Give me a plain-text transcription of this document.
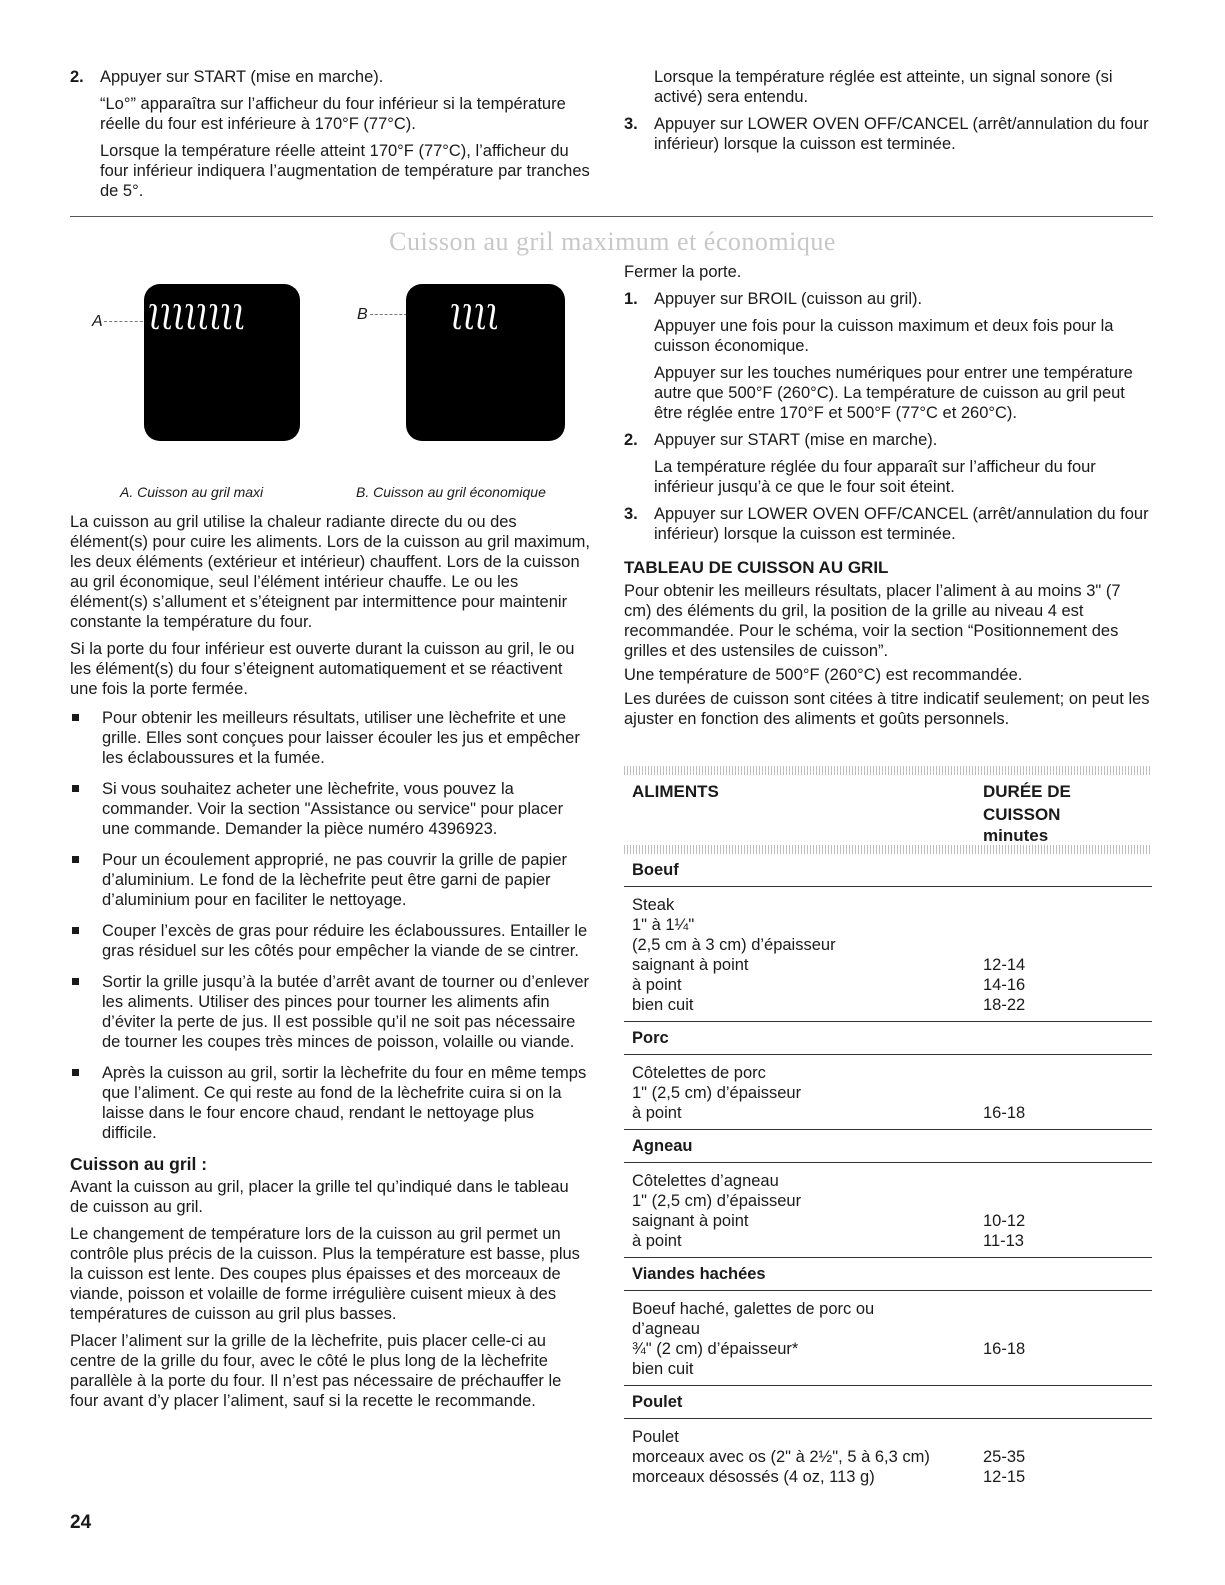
2. Appuyer sur START (mise en marche).

“Lo°” apparaîtra sur l’afficheur du four inférieur si la température réelle du four est inférieure à 170°F (77°C).

Lorsque la température réelle atteint 170°F (77°C), l’afficheur du four inférieur indiquera l’augmentation de température par tranches de 5°.

Lorsque la température réglée est atteinte, un signal sonore (si activé) sera entendu.

3. Appuyer sur LOWER OVEN OFF/CANCEL (arrêt/annulation du four inférieur) lorsque la cuisson est terminée.

Cuisson au gril maximum et économique
A ʅʅʅʅʅʅʅʅ	B ʅʅʅʅ
A. Cuisson au gril maxi	B. Cuisson au gril économique

La cuisson au gril utilise la chaleur radiante directe du ou des élément(s) pour cuire les aliments. Lors de la cuisson au gril maximum, les deux éléments (extérieur et intérieur) chauffent. Lors de la cuisson au gril économique, seul l’élément intérieur chauffe. Le ou les élément(s) s’allument et s’éteignent par intermittence pour maintenir constante la température du four.

Si la porte du four inférieur est ouverte durant la cuisson au gril, le ou les élément(s) du four s’éteignent automatiquement et se réactivent une fois la porte fermée.

Pour obtenir les meilleurs résultats, utiliser une lèchefrite et une grille. Elles sont conçues pour laisser écouler les jus et empêcher les éclaboussures et la fumée.
Si vous souhaitez acheter une lèchefrite, vous pouvez la commander. Voir la section "Assistance ou service" pour placer une commande. Demander la pièce numéro 4396923.
Pour un écoulement approprié, ne pas couvrir la grille de papier d’aluminium. Le fond de la lèchefrite peut être garni de papier d’aluminium pour en faciliter le nettoyage.
Couper l’excès de gras pour réduire les éclaboussures. Entailler le gras résiduel sur les côtés pour empêcher la viande de se cintrer.
Sortir la grille jusqu’à la butée d’arrêt avant de tourner ou d’enlever les aliments. Utiliser des pinces pour tourner les aliments afin d’éviter la perte de jus. Il est possible qu’il ne soit pas nécessaire de tourner les coupes très minces de poisson, volaille ou viande.
Après la cuisson au gril, sortir la lèchefrite du four en même temps que l’aliment. Ce qui reste au fond de la lèchefrite cuira si on la laisse dans le four encore chaud, rendant le nettoyage plus difficile.
Cuisson au gril :

Avant la cuisson au gril, placer la grille tel qu’indiqué dans le tableau de cuisson au gril.

Le changement de température lors de la cuisson au gril permet un contrôle plus précis de la cuisson. Plus la température est basse, plus la cuisson est lente. Des coupes plus épaisses et des morceaux de viande, poisson et volaille de forme irrégulière cuisent mieux à des températures de cuisson au gril plus basses.

Placer l’aliment sur la grille de la lèchefrite, puis placer celle-ci au centre de la grille du four, avec le côté le plus long de la lèchefrite parallèle à la porte du four. Il n’est pas nécessaire de préchauffer le four avant d’y placer l’aliment, sauf si la recette le recommande.

Fermer la porte.

1. Appuyer sur BROIL (cuisson au gril).

Appuyer une fois pour la cuisson maximum et deux fois pour la cuisson économique.

Appuyer sur les touches numériques pour entrer une température autre que 500°F (260°C). La température de cuisson au gril peut être réglée entre 170°F et 500°F (77°C et 260°C).

2. Appuyer sur START (mise en marche).

La température réglée du four apparaît sur l’afficheur du four inférieur jusqu’à ce que le four soit éteint.

3. Appuyer sur LOWER OVEN OFF/CANCEL (arrêt/annulation du four inférieur) lorsque la cuisson est terminée.

TABLEAU DE CUISSON AU GRIL

Pour obtenir les meilleurs résultats, placer l’aliment à au moins 3" (7 cm) des éléments du gril, la position de la grille au niveau 4 est recommandée. Pour le schéma, voir la section “Positionnement des grilles et des ustensiles de cuisson”.

Une température de 500°F (260°C) est recommandée.

Les durées de cuisson sont citées à titre indicatif seulement; on peut les ajuster en fonction des aliments et goûts personnels.

ALIMENTS	DURÉE DE
CUISSON
minutes
Boeuf
Steak
1" à 1¼"
(2,5 cm à 3 cm) d’épaisseur
saignant à point	12-14
à point	14-16
bien cuit	18-22
Porc
Côtelettes de porc
1" (2,5 cm) d’épaisseur
à point	16-18
Agneau
Côtelettes d’agneau
1" (2,5 cm) d’épaisseur
saignant à point	10-12
à point	11-13
Viandes hachées
Boeuf haché, galettes de porc ou
d’agneau
¾" (2 cm) d’épaisseur*	16-18
bien cuit
Poulet
Poulet
morceaux avec os (2" à 2½", 5 à 6,3 cm)	25-35
morceaux désossés (4 oz, 113 g)	12-15
24
